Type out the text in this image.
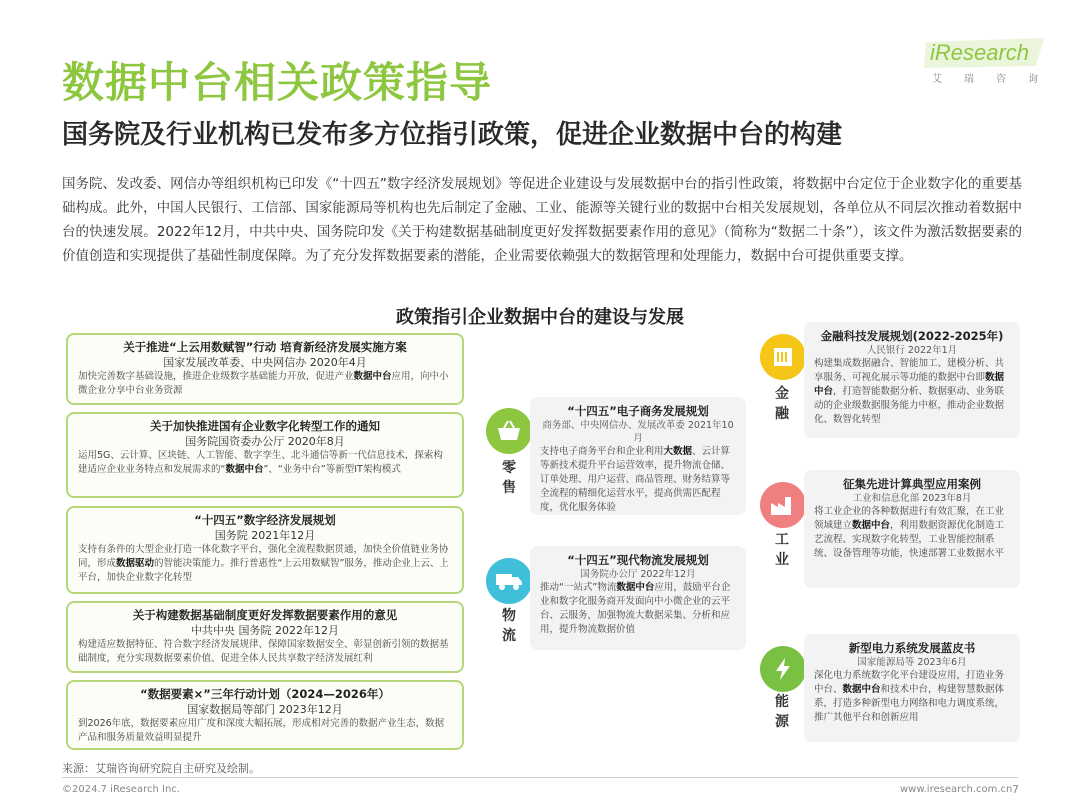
数据中台相关政策指导
iResearch
艾瑞咨询
国务院及行业机构已发布多方位指引政策，促进企业数据中台的构建
国务院、发改委、网信办等组织机构已印发《“十四五”数字经济发展规划》等促进企业建设与发展数据中台的指引性政策，将数据中台定位于企业数字化的重要基础构成。此外，中国人民银行、工信部、国家能源局等机构也先后制定了金融、工业、能源等关键行业的数据中台相关发展规划，各单位从不同层次推动着数据中台的快速发展。2022年12月，中共中央、国务院印发《关于构建数据基础制度更好发挥数据要素作用的意见》（简称为“数据二十条”），该文件为激活数据要素的价值创造和实现提供了基础性制度保障。为了充分发挥数据要素的潜能，企业需要依赖强大的数据管理和处理能力，数据中台可提供重要支撑。
政策指引企业数据中台的建设与发展
关于推进“上云用数赋智”行动 培育新经济发展实施方案
国家发展改革委、中央网信办 2020年4月
加快完善数字基础设施，推进企业级数字基础能力开放，促进产业数据中台应用，向中小微企业分享中台业务资源
关于加快推进国有企业数字化转型工作的通知
国务院国资委办公厅 2020年8月
运用5G、云计算、区块链、人工智能、数字孪生、北斗通信等新一代信息技术，探索构建适应企业业务特点和发展需求的“数据中台”、“业务中台”等新型IT架构模式
“十四五”数字经济发展规划
国务院 2021年12月
支持有条件的大型企业打造一体化数字平台，强化全流程数据贯通，加快全价值链业务协同，形成数据驱动的智能决策能力。推行普惠性“上云用数赋智”服务，推动企业上云、上平台，加快企业数字化转型
关于构建数据基础制度更好发挥数据要素作用的意见
中共中央 国务院 2022年12月
构建适应数据特征、符合数字经济发展规律、保障国家数据安全、彰显创新引领的数据基础制度，充分实现数据要素价值、促进全体人民共享数字经济发展红利
“数据要素×”三年行动计划（2024—2026年）
国家数据局等部门 2023年12月
到2026年底，数据要素应用广度和深度大幅拓展，形成相对完善的数据产业生态，数据产品和服务质量效益明显提升
零售
“十四五”电子商务发展规划
商务部、中央网信办、发展改革委 2021年10月
支持电子商务平台和企业利用大数据、云计算等新技术提升平台运营效率，提升物流仓储、订单处理、用户运营、商品管理、财务结算等全流程的精细化运营水平，提高供需匹配程度，优化服务体验
物流
“十四五”现代物流发展规划
国务院办公厅 2022年12月
推动“一站式”物流数据中台应用，鼓励平台企业和数字化服务商开发面向中小微企业的云平台、云服务，加强物流大数据采集、分析和应用，提升物流数据价值
金融
金融科技发展规划(2022-2025年)
人民银行 2022年1月
构建集成数据融合、智能加工、建模分析、共享服务、可视化展示等功能的数据中台即数据中台，打造智能数据分析、数据驱动、业务联动的企业级数据服务能力中枢，推动企业数据化、数智化转型
工业
征集先进计算典型应用案例
工业和信息化部 2023年8月
将工业企业的各种数据进行有效汇聚，在工业领域建立数据中台，利用数据资源优化制造工艺流程、实现数字化转型，工业智能控制系统、设备管理等功能，快速部署工业数据水平
能源
新型电力系统发展蓝皮书
国家能源局等 2023年6月
深化电力系统数字化平台建设应用，打造业务中台、数据中台和技术中台，构建智慧数据体系，打造多种新型电力网络和电力调度系统，推广其他平台和创新应用
来源：艾瑞咨询研究院自主研究及绘制。
©2024.7 iResearch Inc.	www.iresearch.com.cn 7
